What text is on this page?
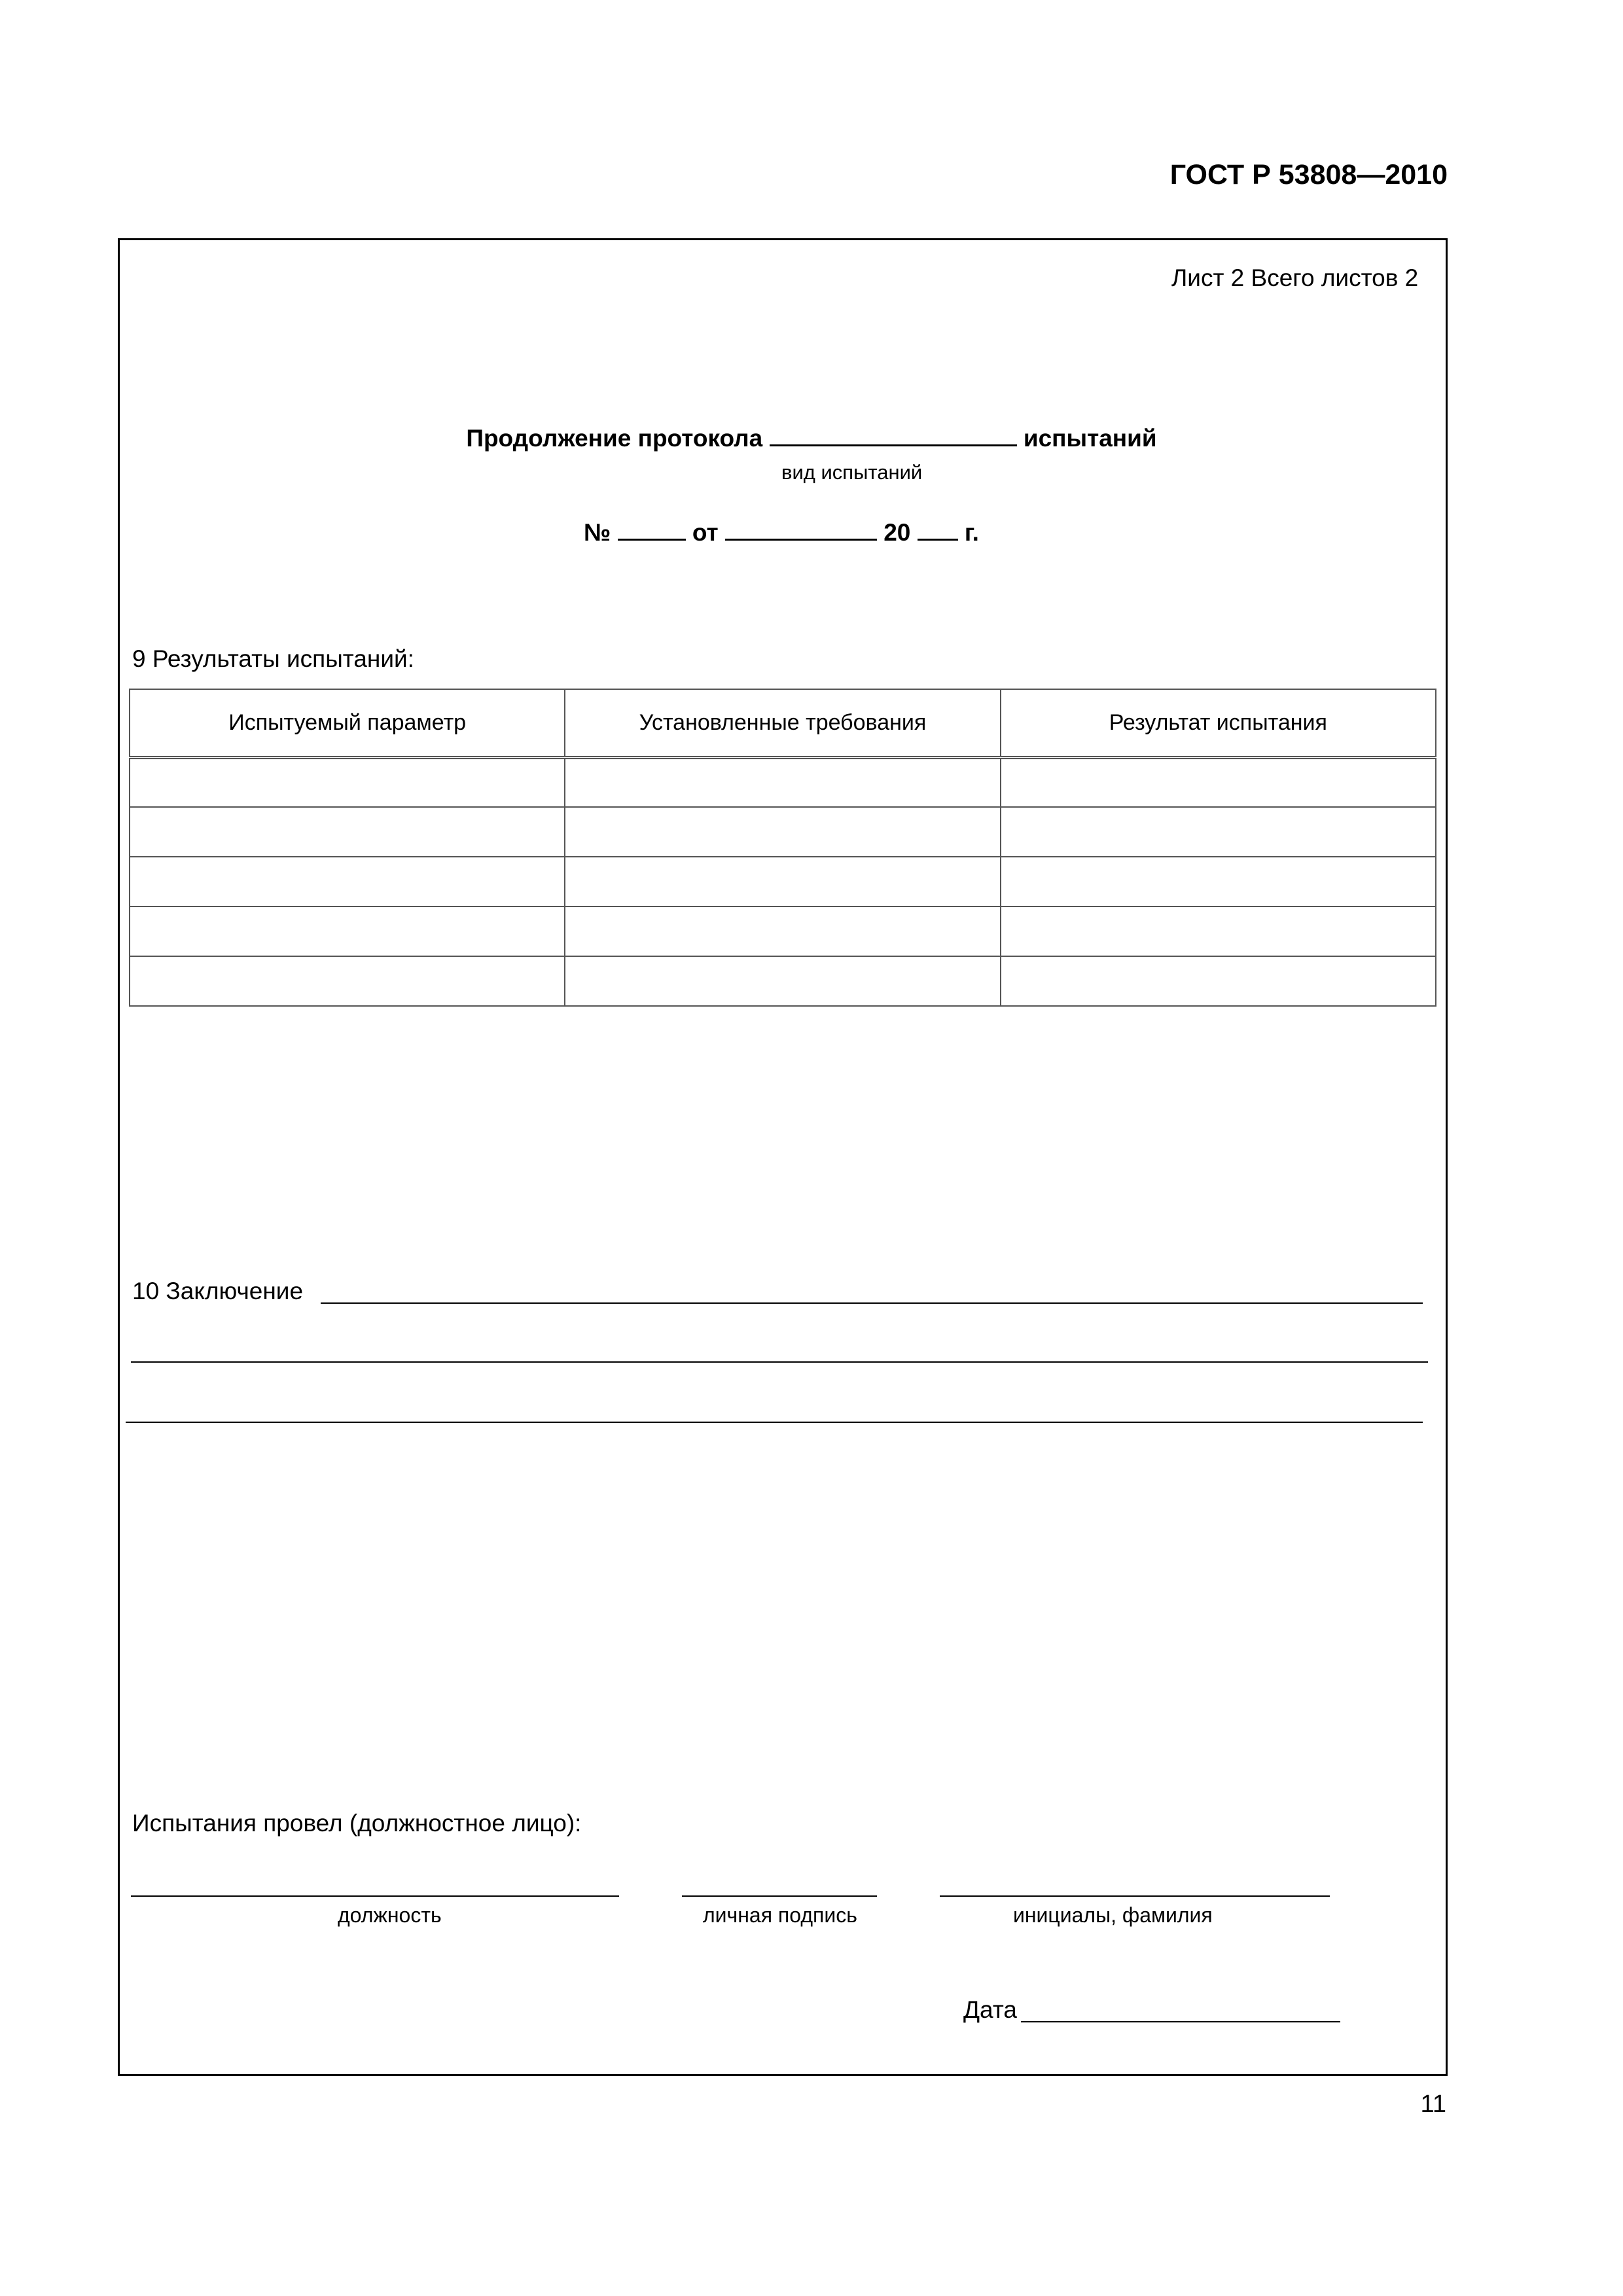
ГОСТ Р 53808—2010
Лист 2 Всего листов 2
Продолжение протокола	испытаний
вид испытаний
№	от	20 г.
9 Результаты испытаний:
Испытуемый параметр	Установленные требования	Результат испытания

10 Заключение
Испытания провел (должностное лицо):
должность	личная подпись	инициалы, фамилия
Дата
11
